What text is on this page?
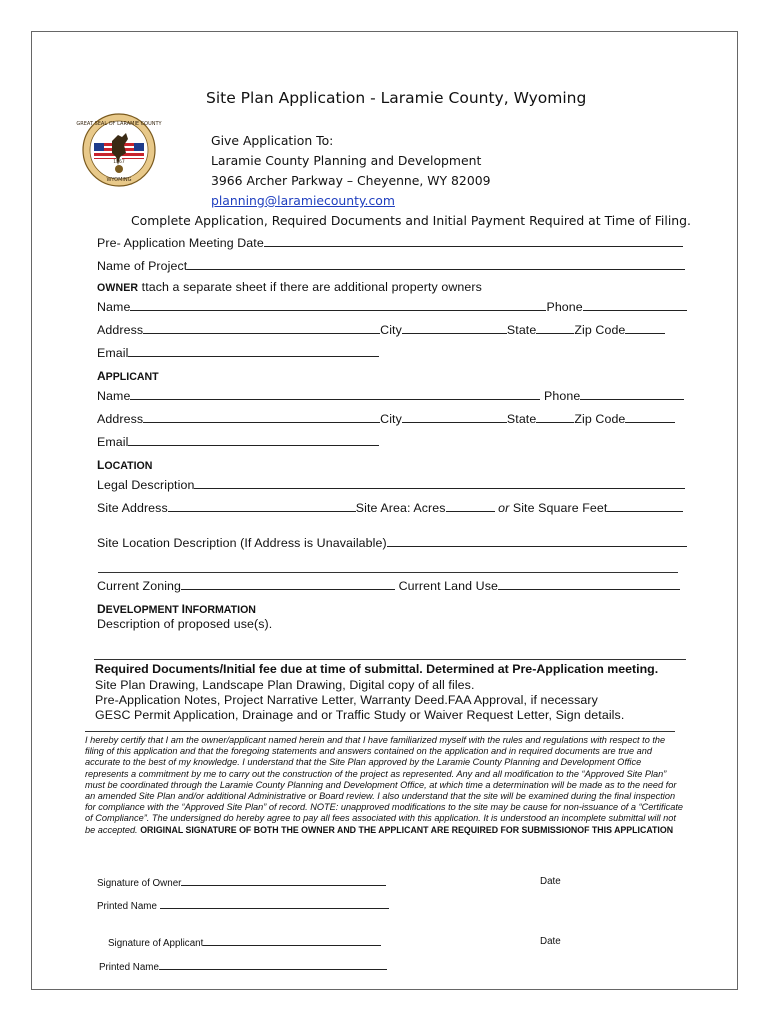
GREAT SEAL OF LARAMIE COUNTY
1867
WYOMING
Site Plan Application - Laramie County, Wyoming
Give Application To:
Laramie County Planning and Development
3966 Archer Parkway – Cheyenne, WY 82009
planning@laramiecounty.com
Complete Application, Required Documents and Initial Payment Required at Time of Filing.
Pre- Application Meeting Date
Name of Project
OWNER ttach a separate sheet if there are additional property owners
Name	Phone
Address	City	State	Zip Code
Email
APPLICANT
Name	Phone
Address	City	State	Zip Code
Email
LOCATION
Legal Description
Site Address	Site Area: Acres	or Site Square Feet
Site Location Description (If Address is Unavailable)
Current Zoning	Current Land Use
DEVELOPMENT INFORMATION
Description of proposed use(s).
Required Documents/Initial fee due at time of submittal. Determined at Pre-Application meeting.
Site Plan Drawing, Landscape Plan Drawing, Digital copy of all files.
Pre-Application Notes, Project Narrative Letter, Warranty Deed.FAA Approval, if necessary
GESC Permit Application, Drainage and or Traffic Study or Waiver Request Letter, Sign details.
I hereby certify that I am the owner/applicant named herein and that I have familiarized myself with the rules and regulations with respect to the filing of this application and that the foregoing statements and answers contained on the application and in required documents are true and accurate to the best of my knowledge. I understand that the Site Plan approved by the Laramie County Planning and Development Office represents a commitment by me to carry out the construction of the project as represented. Any and all modification to the “Approved Site Plan” must be coordinated through the Laramie County Planning and Development Office, at which time a determination will be made as to the need for an amended Site Plan and/or additional Administrative or Board review. I also understand that the site will be examined during the final inspection for compliance with the “Approved Site Plan” of record. NOTE: unapproved modifications to the site may be cause for non-issuance of a “Certificate of Compliance”. The undersigned do hereby agree to pay all fees associated with this application. It is understood an incomplete submittal will not be accepted. ORIGINAL SIGNATURE OF BOTH THE OWNER AND THE APPLICANT ARE REQUIRED FOR SUBMISSIONOF THIS APPLICATION
Signature of Owner	Date
Printed Name
Signature of Applicant	Date
Printed Name
